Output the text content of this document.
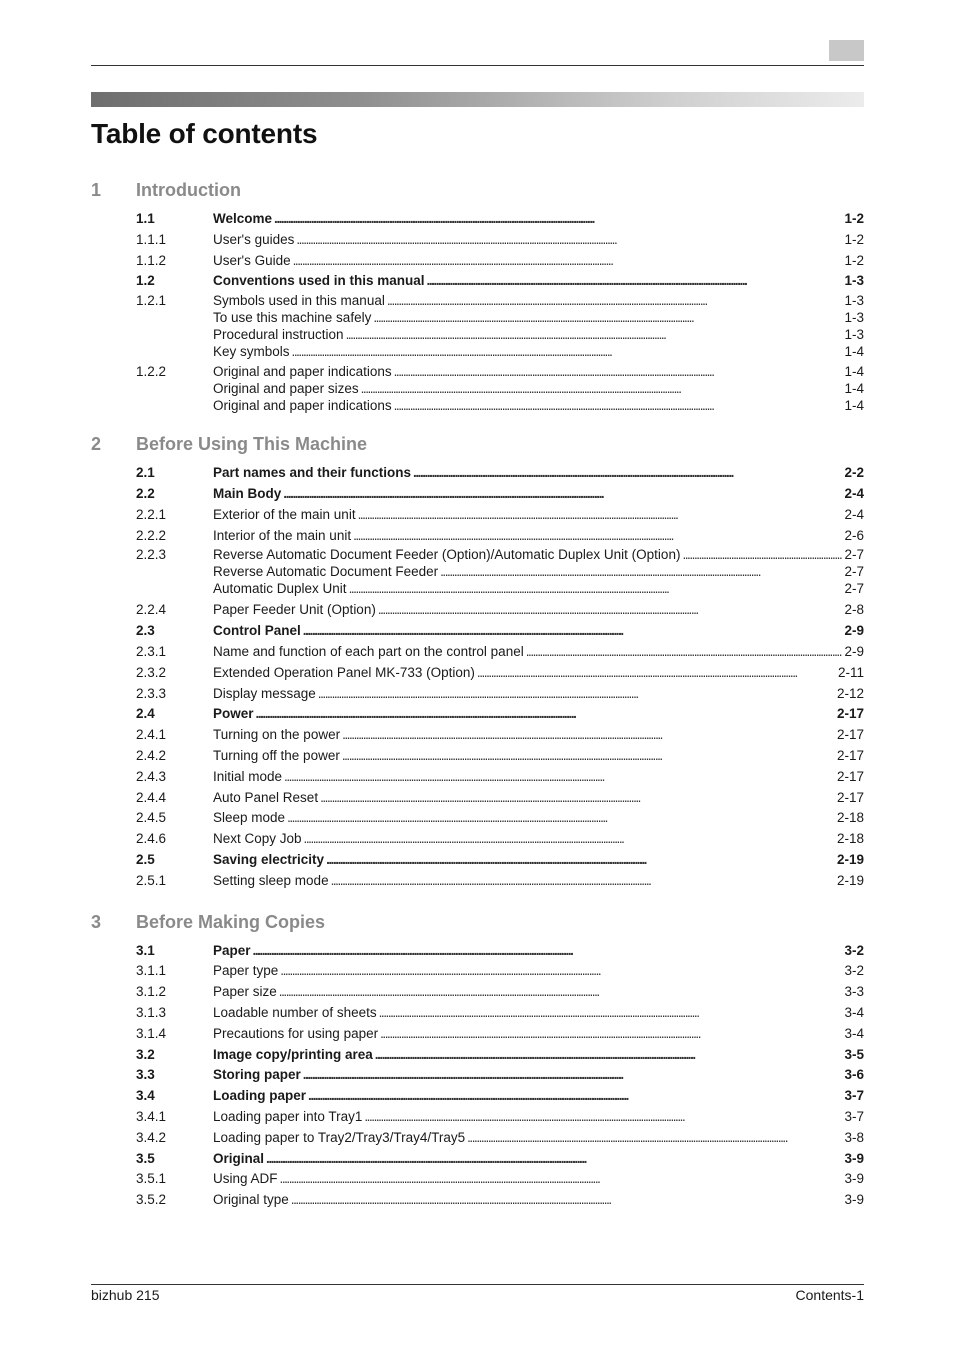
Table of contents
1	Introduction
1.1	Welcome . . .	1-2
1.1.1	User's guides . . .	1-2
1.1.2	User's Guide . . .	1-2
1.2	Conventions used in this manual . . .	1-3
1.2.1	Symbols used in this manual . . .	1-3
To use this machine safely . . .	1-3
Procedural instruction . . .	1-3
Key symbols . . .	1-4
1.2.2	Original and paper indications . . .	1-4
Original and paper sizes . . .	1-4
Original and paper indications . . .	1-4
2	Before Using This Machine
2.1	Part names and their functions . . .	2-2
2.2	Main Body . . .	2-4
2.2.1	Exterior of the main unit . . .	2-4
2.2.2	Interior of the main unit . . .	2-6
2.2.3	Reverse Automatic Document Feeder (Option)/Automatic Duplex Unit (Option) . . .	2-7
Reverse Automatic Document Feeder . . .	2-7
Automatic Duplex Unit . . .	2-7
2.2.4	Paper Feeder Unit (Option) . . .	2-8
2.3	Control Panel . . .	2-9
2.3.1	Name and function of each part on the control panel . . .	2-9
2.3.2	Extended Operation Panel MK-733 (Option) . . .	2-11
2.3.3	Display message . . .	2-12
2.4	Power . . .	2-17
2.4.1	Turning on the power . . .	2-17
2.4.2	Turning off the power . . .	2-17
2.4.3	Initial mode . . .	2-17
2.4.4	Auto Panel Reset . . .	2-17
2.4.5	Sleep mode . . .	2-18
2.4.6	Next Copy Job . . .	2-18
2.5	Saving electricity . . .	2-19
2.5.1	Setting sleep mode . . .	2-19
3	Before Making Copies
3.1	Paper . . .	3-2
3.1.1	Paper type . . .	3-2
3.1.2	Paper size . . .	3-3
3.1.3	Loadable number of sheets . . .	3-4
3.1.4	Precautions for using paper . . .	3-4
3.2	Image copy/printing area . . .	3-5
3.3	Storing paper . . .	3-6
3.4	Loading paper . . .	3-7
3.4.1	Loading paper into Tray1 . . .	3-7
3.4.2	Loading paper to Tray2/Tray3/Tray4/Tray5 . . .	3-8
3.5	Original . . .	3-9
3.5.1	Using ADF . . .	3-9
3.5.2	Original type . . .	3-9
bizhub 215	Contents-1
